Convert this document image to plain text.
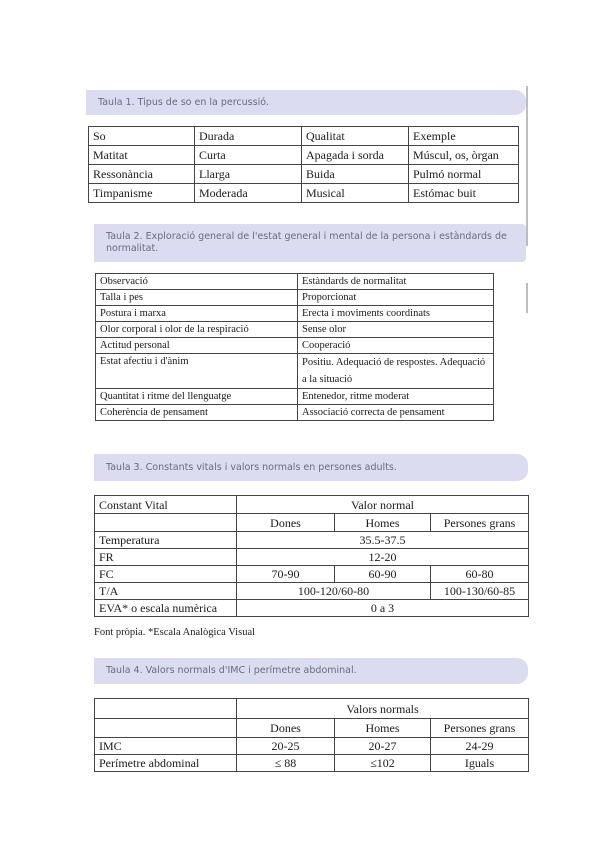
Taula 1. Tipus de so en la percussió.
So	Durada	Qualitat	Exemple
Matitat	Curta	Apagada i sorda	Múscul, os, òrgan
Ressonància	Llarga	Buida	Pulmó normal
Timpanisme	Moderada	Musical	Estómac buit
Taula 2. Exploració general de l'estat general i mental de la persona i estàndards de normalitat.
Observació	Estàndards de normalitat
Talla i pes	Proporcionat
Postura i marxa	Erecta i moviments coordinats
Olor corporal i olor de la respiració	Sense olor
Actitud personal	Cooperació
Estat afectiu i d'ànim	Positiu. Adequació de respostes. Adequació a la situació
Quantitat i ritme del llenguatge	Entenedor, ritme moderat
Coherència de pensament	Associació correcta de pensament
Taula 3. Constants vitals i valors normals en persones adults.
Constant Vital	Valor normal		
	Dones	Homes	Persones grans
Temperatura	35.5-37.5		
FR	12-20		
FC	70-90	60-90	60-80
T/A	100-120/60-80		100-130/60-85
EVA* o escala numèrica	0 a 3		
Font pròpia. *Escala Analògica Visual
Taula 4. Valors normals d'IMC i perímetre abdominal.
	Valors normals		
	Dones	Homes	Persones grans
IMC	20-25	20-27	24-29
Perímetre abdominal	≤ 88	≤102	Iguals
